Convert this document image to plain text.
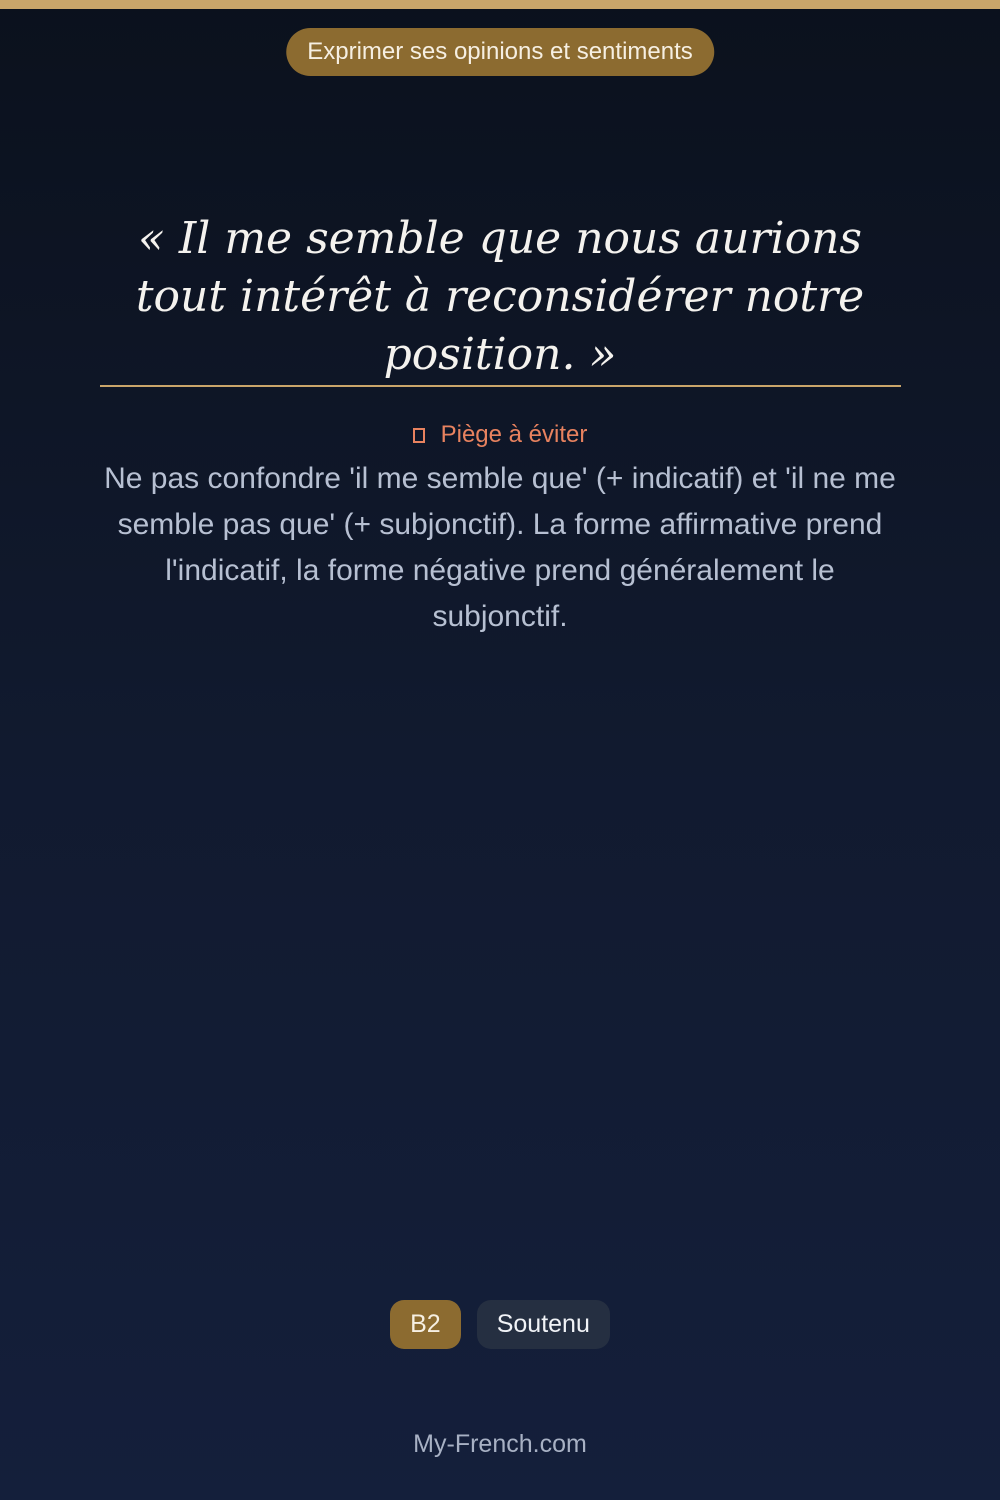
Exprimer ses opinions et sentiments
« Il me semble que nous aurions tout intérêt à reconsidérer notre position. »
Piège à éviter
Ne pas confondre 'il me semble que' (+ indicatif) et 'il ne me semble pas que' (+ subjonctif). La forme affirmative prend l'indicatif, la forme négative prend généralement le subjonctif.
B2	Soutenu
My-French.com
